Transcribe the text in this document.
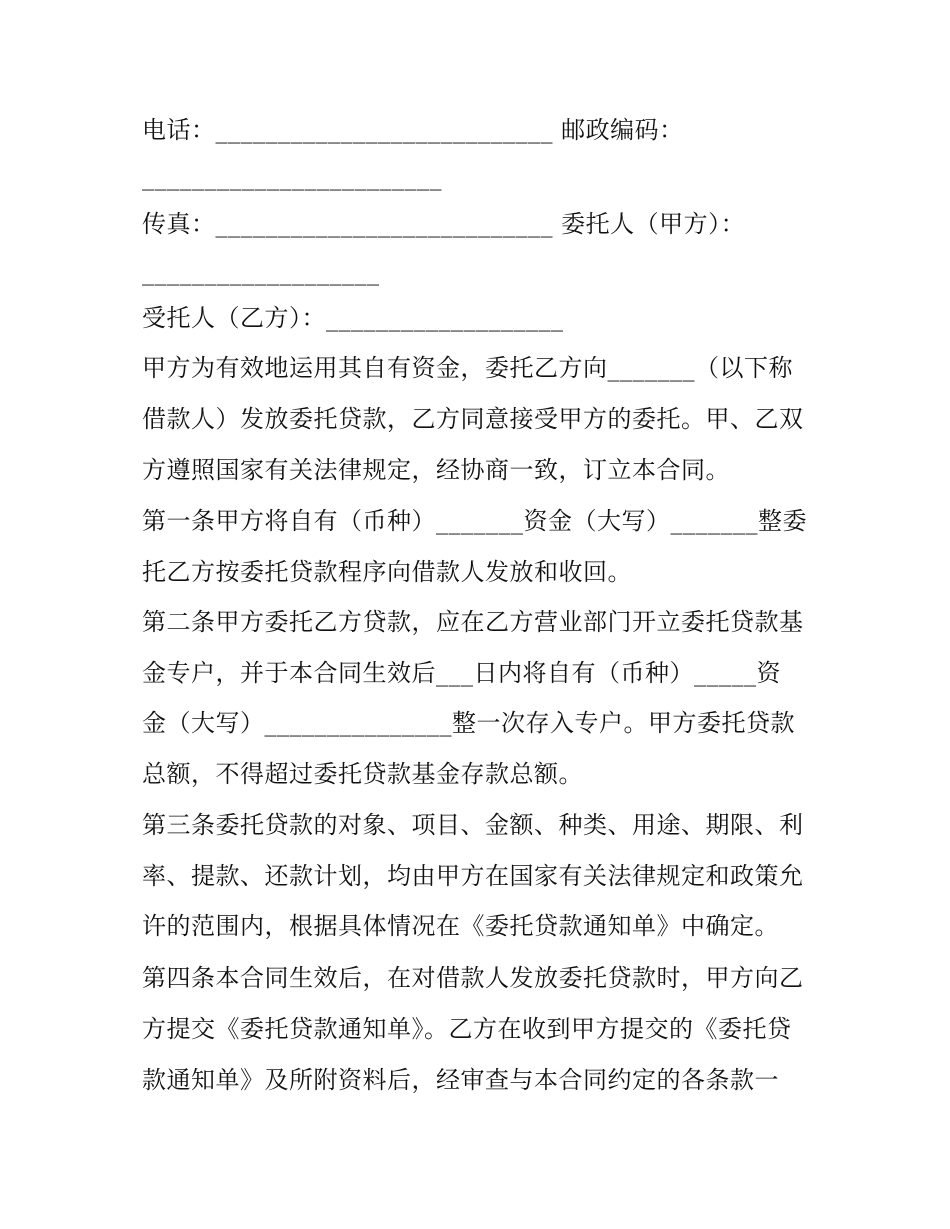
电话：___________________________ 邮政编码：
________________________
传真：___________________________ 委托人（甲方）：
___________________
受托人（乙方）：___________________
甲方为有效地运用其自有资金，委托乙方向_______（以下称
借款人）发放委托贷款，乙方同意接受甲方的委托。甲、乙双
方遵照国家有关法律规定，经协商一致，订立本合同。
第一条甲方将自有（币种）_______资金（大写）_______整委
托乙方按委托贷款程序向借款人发放和收回。
第二条甲方委托乙方贷款，应在乙方营业部门开立委托贷款基
金专户，并于本合同生效后___日内将自有（币种）_____资
金（大写）_______________整一次存入专户。甲方委托贷款
总额，不得超过委托贷款基金存款总额。
第三条委托贷款的对象、项目、金额、种类、用途、期限、利
率、提款、还款计划，均由甲方在国家有关法律规定和政策允
许的范围内，根据具体情况在《委托贷款通知单》中确定。
第四条本合同生效后，在对借款人发放委托贷款时，甲方向乙
方提交《委托贷款通知单》。乙方在收到甲方提交的《委托贷
款通知单》及所附资料后，经审查与本合同约定的各条款一
